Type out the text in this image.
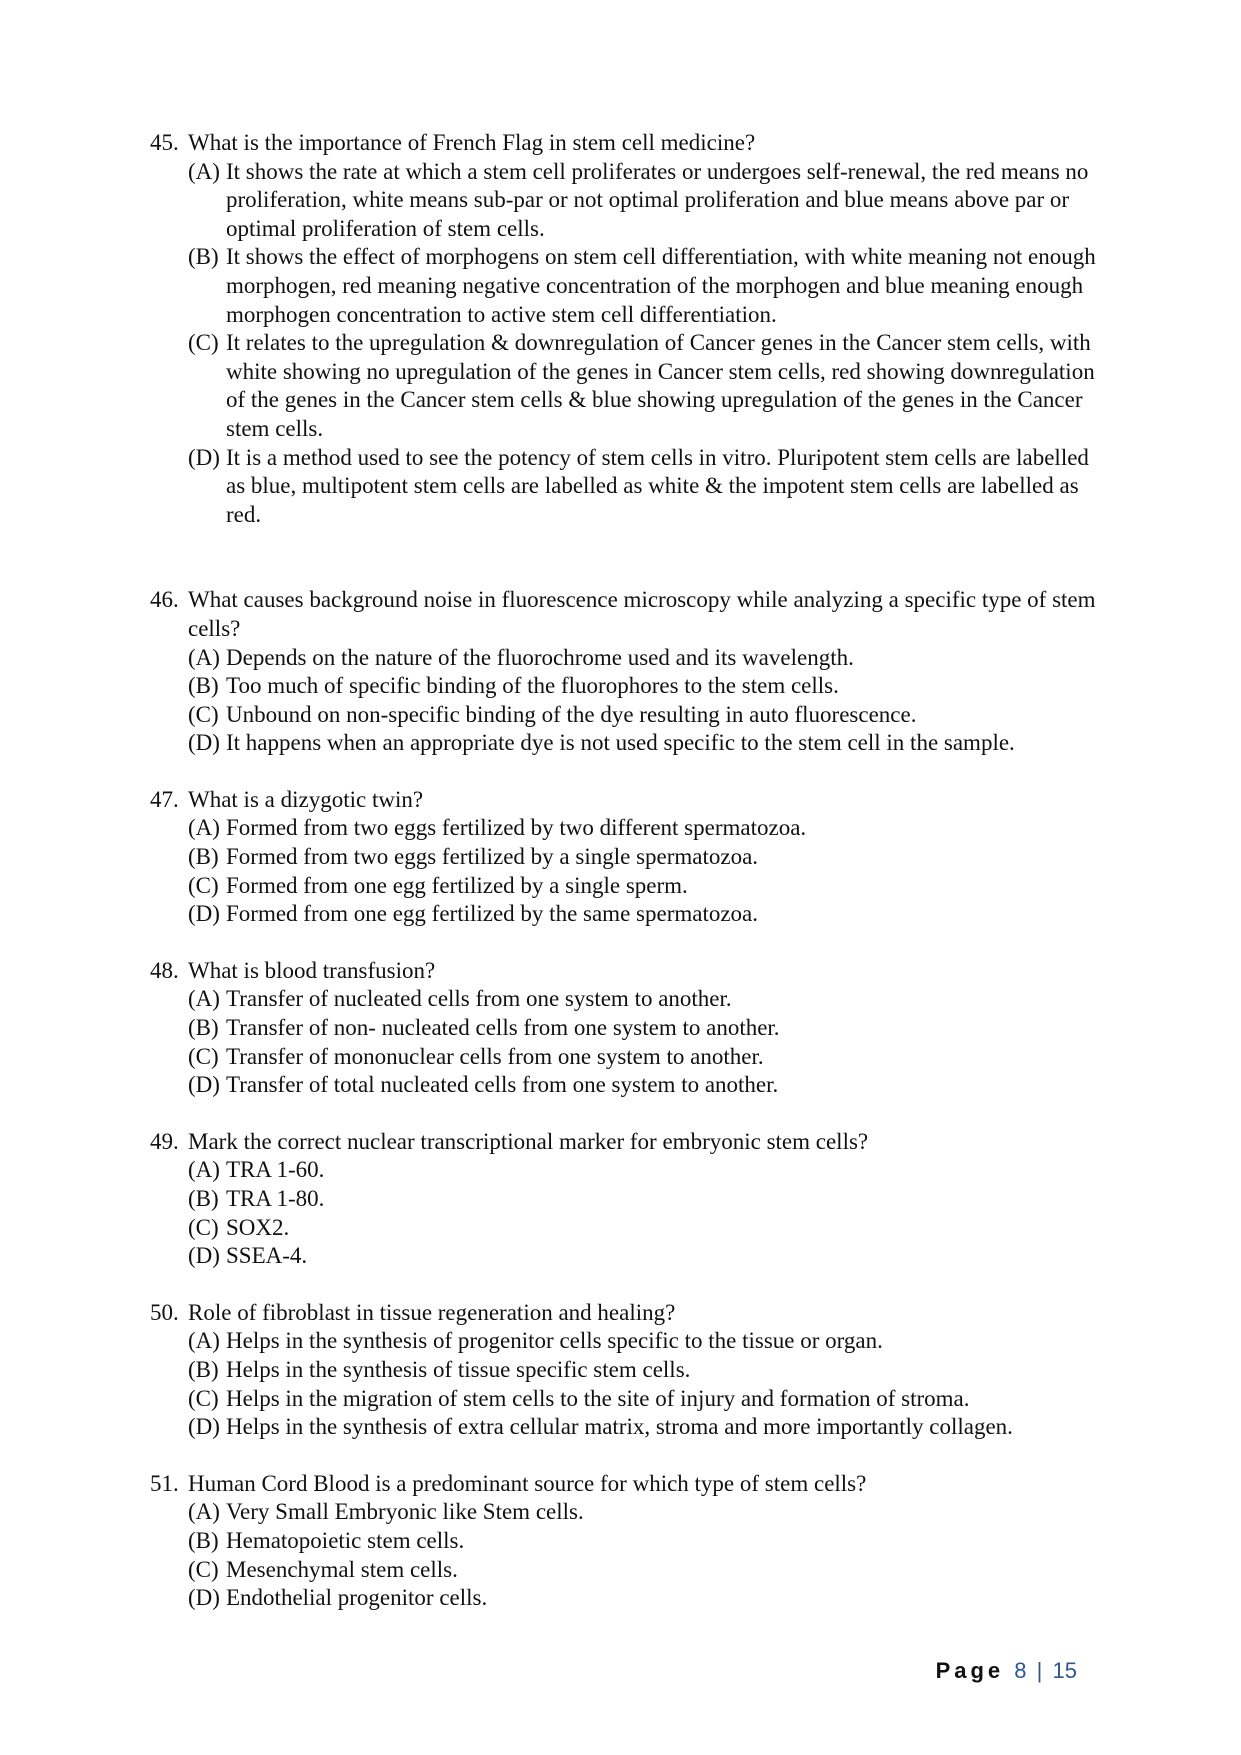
45. What is the importance of French Flag in stem cell medicine?
(A) It shows the rate at which a stem cell proliferates or undergoes self-renewal, the red means no proliferation, white means sub-par or not optimal proliferation and blue means above par or optimal proliferation of stem cells.
(B) It shows the effect of morphogens on stem cell differentiation, with white meaning not enough morphogen, red meaning negative concentration of the morphogen and blue meaning enough morphogen concentration to active stem cell differentiation.
(C) It relates to the upregulation & downregulation of Cancer genes in the Cancer stem cells, with white showing no upregulation of the genes in Cancer stem cells, red showing downregulation of the genes in the Cancer stem cells & blue showing upregulation of the genes in the Cancer stem cells.
(D) It is a method used to see the potency of stem cells in vitro. Pluripotent stem cells are labelled as blue, multipotent stem cells are labelled as white & the impotent stem cells are labelled as red.
46. What causes background noise in fluorescence microscopy while analyzing a specific type of stem cells?
(A) Depends on the nature of the fluorochrome used and its wavelength.
(B) Too much of specific binding of the fluorophores to the stem cells.
(C) Unbound on non-specific binding of the dye resulting in auto fluorescence.
(D) It happens when an appropriate dye is not used specific to the stem cell in the sample.
47. What is a dizygotic twin?
(A) Formed from two eggs fertilized by two different spermatozoa.
(B) Formed from two eggs fertilized by a single spermatozoa.
(C) Formed from one egg fertilized by a single sperm.
(D) Formed from one egg fertilized by the same spermatozoa.
48. What is blood transfusion?
(A) Transfer of nucleated cells from one system to another.
(B) Transfer of non- nucleated cells from one system to another.
(C) Transfer of mononuclear cells from one system to another.
(D) Transfer of total nucleated cells from one system to another.
49. Mark the correct nuclear transcriptional marker for embryonic stem cells?
(A) TRA 1-60.
(B) TRA 1-80.
(C) SOX2.
(D) SSEA-4.
50. Role of fibroblast in tissue regeneration and healing?
(A) Helps in the synthesis of progenitor cells specific to the tissue or organ.
(B) Helps in the synthesis of tissue specific stem cells.
(C) Helps in the migration of stem cells to the site of injury and formation of stroma.
(D) Helps in the synthesis of extra cellular matrix, stroma and more importantly collagen.
51. Human Cord Blood is a predominant source for which type of stem cells?
(A) Very Small Embryonic like Stem cells.
(B) Hematopoietic stem cells.
(C) Mesenchymal stem cells.
(D) Endothelial progenitor cells.
Page 8 | 15
